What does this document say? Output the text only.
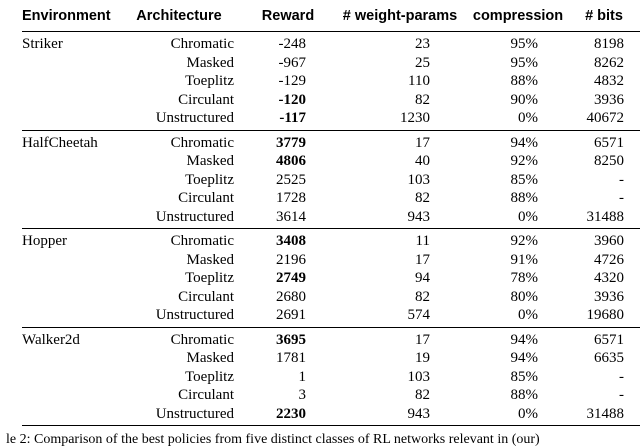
Environment	Architecture	Reward	# weight-params	compression	# bits
Striker	Chromatic	-248	23	95%	8198
	Masked	-967	25	95%	8262
	Toeplitz	-129	110	88%	4832
	Circulant	-120	82	90%	3936
	Unstructured	-117	1230	0%	40672
HalfCheetah	Chromatic	3779	17	94%	6571
	Masked	4806	40	92%	8250
	Toeplitz	2525	103	85%	-
	Circulant	1728	82	88%	-
	Unstructured	3614	943	0%	31488
Hopper	Chromatic	3408	11	92%	3960
	Masked	2196	17	91%	4726
	Toeplitz	2749	94	78%	4320
	Circulant	2680	82	80%	3936
	Unstructured	2691	574	0%	19680
Walker2d	Chromatic	3695	17	94%	6571
	Masked	1781	19	94%	6635
	Toeplitz	1	103	85%	-
	Circulant	3	82	88%	-
	Unstructured	2230	943	0%	31488
le 2: Comparison of the best policies from five distinct classes of RL networks relevant in (our)
